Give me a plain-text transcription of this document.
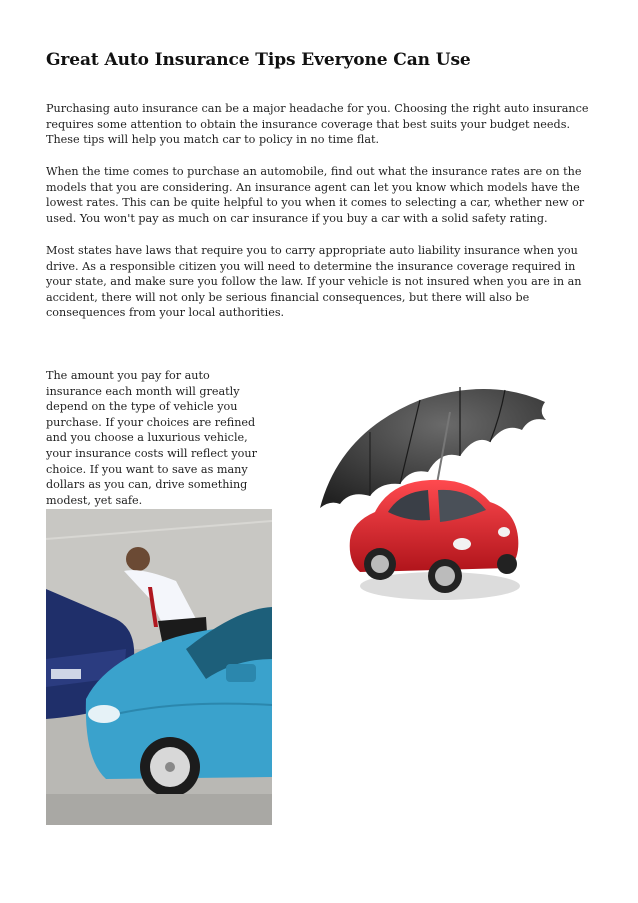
Great Auto Insurance Tips Everyone Can Use

Purchasing auto insurance can be a major headache for you. Choosing the right auto insurance requires some attention to obtain the insurance coverage that best suits your budget needs. These tips will help you match car to policy in no time flat.

When the time comes to purchase an automobile, find out what the insurance rates are on the models that you are considering. An insurance agent can let you know which models have the lowest rates. This can be quite helpful to you when it comes to selecting a car, whether new or used. You won't pay as much on car insurance if you buy a car with a solid safety rating.

Most states have laws that require you to carry appropriate auto liability insurance when you drive. As a responsible citizen you will need to determine the insurance coverage required in your state, and make sure you follow the law. If your vehicle is not insured when you are in an accident, there will not only be serious financial consequences, but there will also be consequences from your local authorities.

The amount you pay for auto insurance each month will greatly depend on the type of vehicle you purchase. If your choices are refined and you choose a luxurious vehicle, your insurance costs will reflect your choice. If you want to save as many dollars as you can, drive something modest, yet safe.
